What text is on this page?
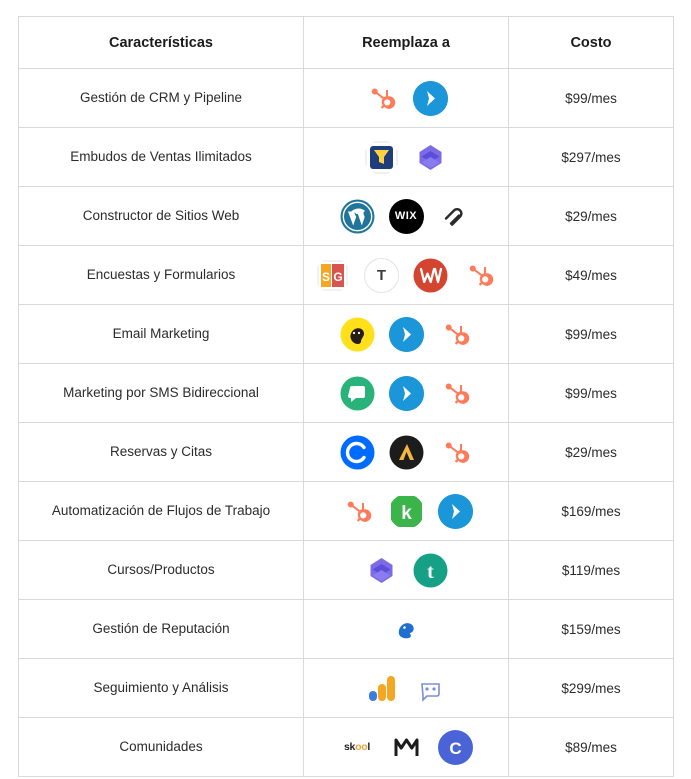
Características	Reemplaza a	Costo
Gestión de CRM y Pipeline		$99/mes
Embudos de Ventas Ilimitados		$297/mes
Constructor de Sitios Web	WIX	$29/mes
Encuestas y Formularios	S G T	$49/mes
Email Marketing		$99/mes
Marketing por SMS Bidireccional		$99/mes
Reservas y Citas		$29/mes
Automatización de Flujos de Trabajo	k	$169/mes
Cursos/Productos	t	$119/mes
Gestión de Reputación		$159/mes
Seguimiento y Análisis		$299/mes
Comunidades	sk oo l C	$89/mes
